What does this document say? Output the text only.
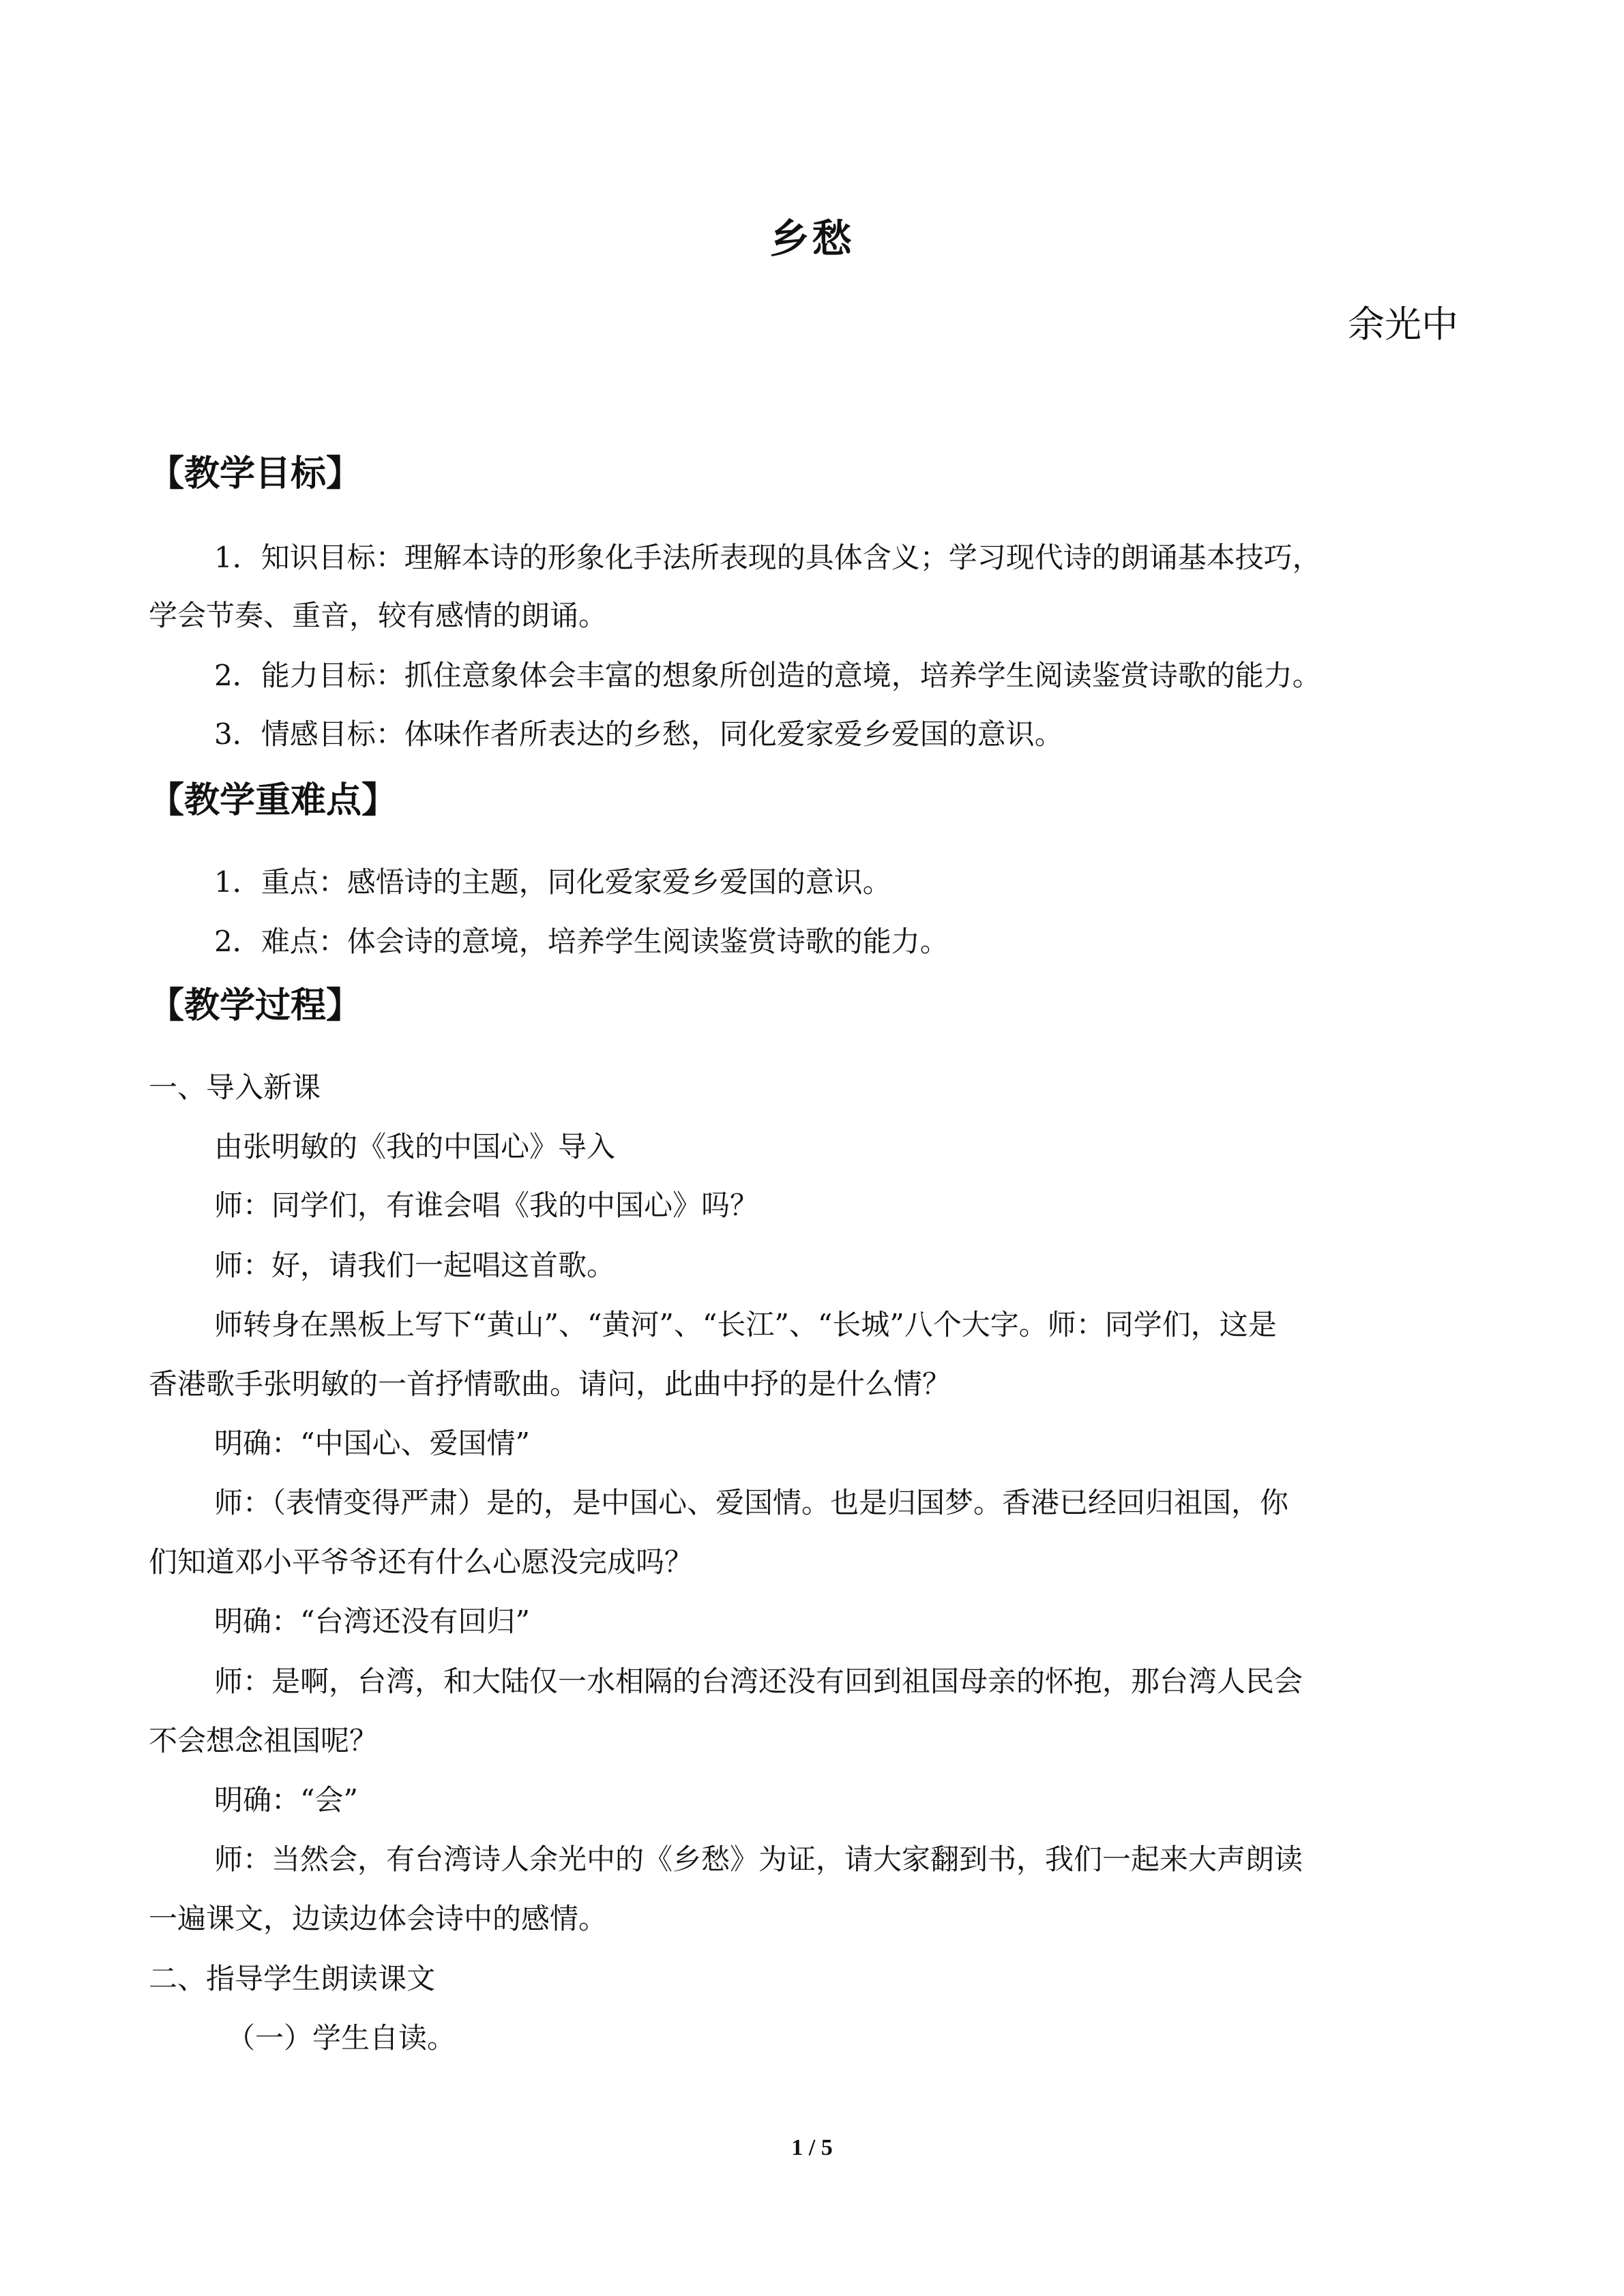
乡愁
余光中
【教学目标】
1．知识目标：理解本诗的形象化手法所表现的具体含义；学习现代诗的朗诵基本技巧，
学会节奏、重音，较有感情的朗诵。
2．能力目标：抓住意象体会丰富的想象所创造的意境，培养学生阅读鉴赏诗歌的能力。
3．情感目标：体味作者所表达的乡愁，同化爱家爱乡爱国的意识。
【教学重难点】
1．重点：感悟诗的主题，同化爱家爱乡爱国的意识。
2．难点：体会诗的意境，培养学生阅读鉴赏诗歌的能力。
【教学过程】
一、导入新课
由张明敏的《我的中国心》导入
师：同学们，有谁会唱《我的中国心》吗？
师：好，请我们一起唱这首歌。
师转身在黑板上写下“黄山”、“黄河”、“长江”、“长城”八个大字。师：同学们，这是
香港歌手张明敏的一首抒情歌曲。请问，此曲中抒的是什么情？
明确：“中国心、爱国情”
师：（表情变得严肃）是的，是中国心、爱国情。也是归国梦。香港已经回归祖国，你
们知道邓小平爷爷还有什么心愿没完成吗？
明确：“台湾还没有回归”
师：是啊，台湾，和大陆仅一水相隔的台湾还没有回到祖国母亲的怀抱，那台湾人民会
不会想念祖国呢？
明确：“会”
师：当然会，有台湾诗人余光中的《乡愁》为证，请大家翻到书，我们一起来大声朗读
一遍课文，边读边体会诗中的感情。
二、指导学生朗读课文
（一）学生自读。
1 / 5
